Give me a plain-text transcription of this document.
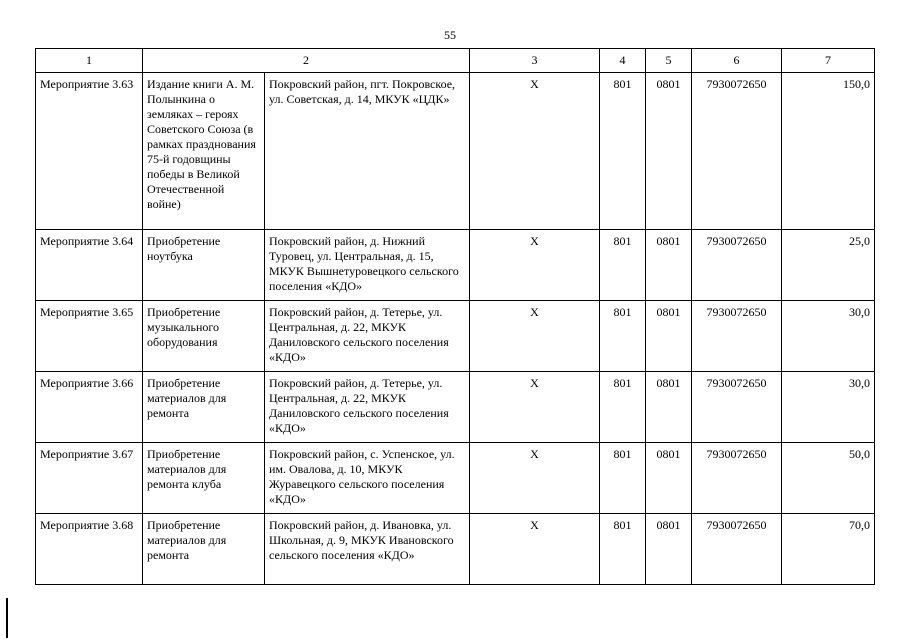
55
1	2		3	4	5	6	7
Мероприятие 3.63	Издание книги А. М. Полынкина о земляках – героях Советского Союза (в рамках празднования 75-й годовщины победы в Великой Отечественной войне)	Покровский район, пгт. Покровское, ул. Советская, д. 14, МКУК «ЦДК»	Х	801	0801	7930072650	150,0
Мероприятие 3.64	Приобретение ноутбука	Покровский район, д. Нижний Туровец, ул. Центральная, д. 15, МКУК Вышнетуровецкого сельского поселения «КДО»	Х	801	0801	7930072650	25,0
Мероприятие 3.65	Приобретение музыкального оборудования	Покровский район, д. Тетерье, ул. Центральная, д. 22, МКУК Даниловского сельского поселения «КДО»	Х	801	0801	7930072650	30,0
Мероприятие 3.66	Приобретение материалов для ремонта	Покровский район, д. Тетерье, ул. Центральная, д. 22, МКУК Даниловского сельского поселения «КДО»	Х	801	0801	7930072650	30,0
Мероприятие 3.67	Приобретение материалов для ремонта клуба	Покровский район, с. Успенское, ул. им. Овалова, д. 10, МКУК Журавецкого сельского поселения «КДО»	Х	801	0801	7930072650	50,0
Мероприятие 3.68	Приобретение материалов для ремонта	Покровский район, д. Ивановка, ул. Школьная, д. 9, МКУК Ивановского сельского поселения «КДО»	Х	801	0801	7930072650	70,0
